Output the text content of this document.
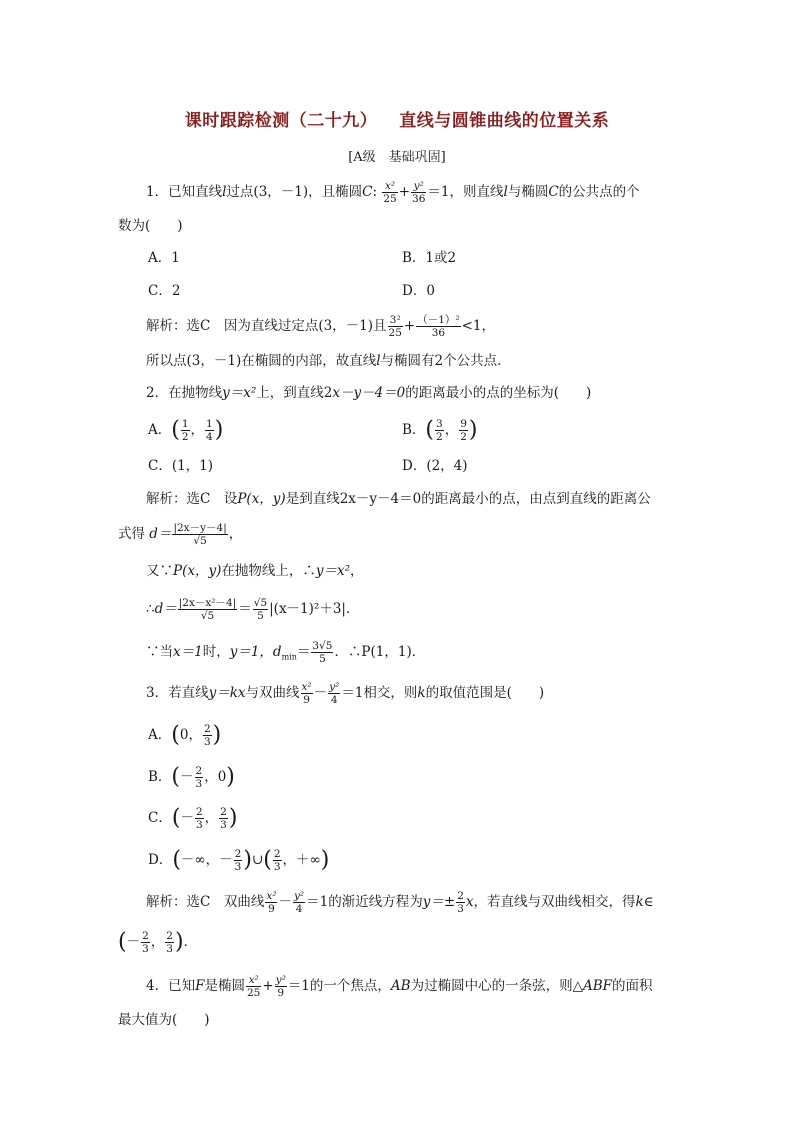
课时跟踪检测（二十九） 直线与圆锥曲线的位置关系
[A级　基础巩固]
1．已知直线l过点(3，－1)，且椭圆C: $\frac{\text{x²}}{25} + \frac{\text{y²}}{36} =1$，则直线l与椭圆C的公共点的个
数为(　　)
A．1	B．1或2
C．2	D．0
解析：选C　因为直线过定点(3，－1)且 $\frac{\text{3²}}{25} + \frac{\text{（－1）²}}{36} <1$，
所以点(3，－1)在椭圆的内部，故直线l与椭圆有2个公共点．
2．在抛物线y＝x²上，到直线2x－y－4＝0的距离最小的点的坐标为(　　)
A．( $\frac{1}{2}$ ， $\frac{1}{4}$ )	B．( $\frac{3}{2}$ ， $\frac{9}{2}$ )
C．(1，1)	D．(2，4)
解析：选C　设P(x，y)是到直线2x－y－4＝0的距离最小的点，由点到直线的距离公
式得 $d= \frac{|2x-y-4|}{√5}$ ，
又∵P(x，y)在抛物线上，∴y＝x²，
∴d＝ $\frac{\text{|2x－x²－4|}}{√5} = \frac{√5}{5} |(x-1)^2+3|$．
∵当x＝1时，y＝1，$d_{min}= \frac{3√5}{5}$ ．∴P(1，1)．
3．若直线y＝kx与双曲线 $\frac{\text{x²}}{9} - \frac{\text{y²}}{4} =1$相交，则k的取值范围是(　　)
A．(0， $\frac{2}{3}$ )
B．(－ $\frac{2}{3}$ ，0)
C．(－ $\frac{2}{3}$ ， $\frac{2}{3}$ )
D．(－∞，－ $\frac{2}{3}$ )∪( $\frac{2}{3}$ ，＋∞)
解析：选C　双曲线 $\frac{\text{x²}}{9} - \frac{\text{y²}}{4} =1$的渐近线方程为$y=\pm \frac{2}{3}$ x，若直线与双曲线相交，得k∈
(－ $\frac{2}{3}$ ， $\frac{2}{3}$ )．
4．已知F是椭圆 $\frac{\text{x²}}{25} + \frac{\text{y²}}{9} =1$的一个焦点，AB为过椭圆中心的一条弦，则△ABF的面积
最大值为(　　)
